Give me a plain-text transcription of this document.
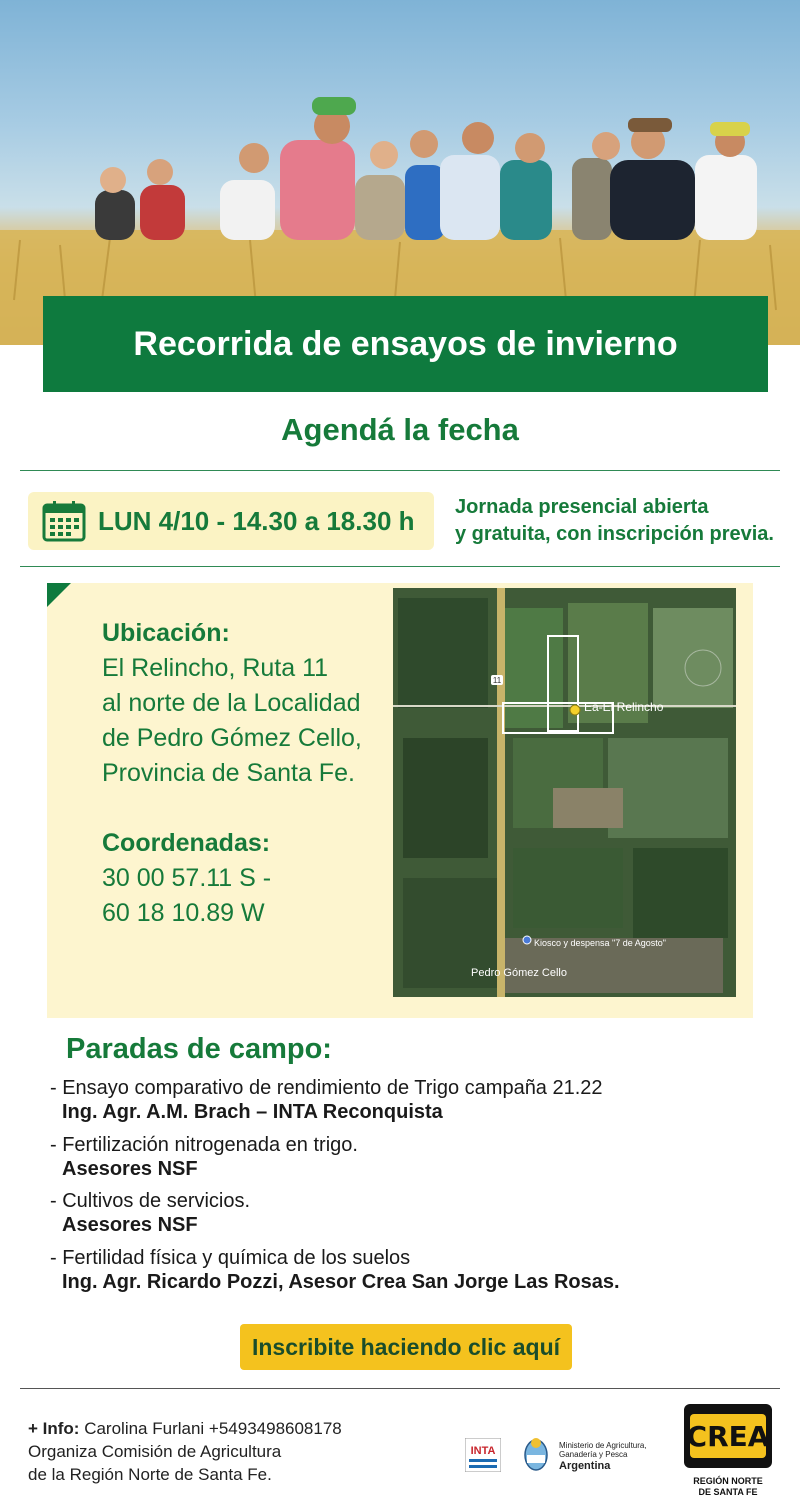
Recorrida de ensayos de invierno
Agendá la fecha
LUN 4/10 - 14.30 a 18.30 h Jornada presencial abierta
y gratuita, con inscripción previa.
Ubicación:
El Relincho, Ruta 11
al norte de la Localidad
de Pedro Gómez Cello,
Provincia de Santa Fe.
Coordenadas:
30 00 57.11 S -
60 18 10.89 W
11
Ea-El Relincho
Kiosco y despensa "7 de Agosto"
Pedro Gómez Cello
Paradas de campo:
- Ensayo comparativo de rendimiento de Trigo campaña 21.22
Ing. Agr. A.M. Brach – INTA Reconquista
- Fertilización nitrogenada en trigo.
Asesores NSF
- Cultivos de servicios.
Asesores NSF
- Fertilidad física y química de los suelos
Ing. Agr. Ricardo Pozzi, Asesor Crea San Jorge Las Rosas.
Inscribite haciendo clic aquí
+ Info: Carolina Furlani +5493498608178
Organiza Comisión de Agricultura
de la Región Norte de Santa Fe.
INTA	Ministerio de Agricultura,
Ganadería y Pesca
Argentina
CREA
REGIÓN NORTE
DE SANTA FE
